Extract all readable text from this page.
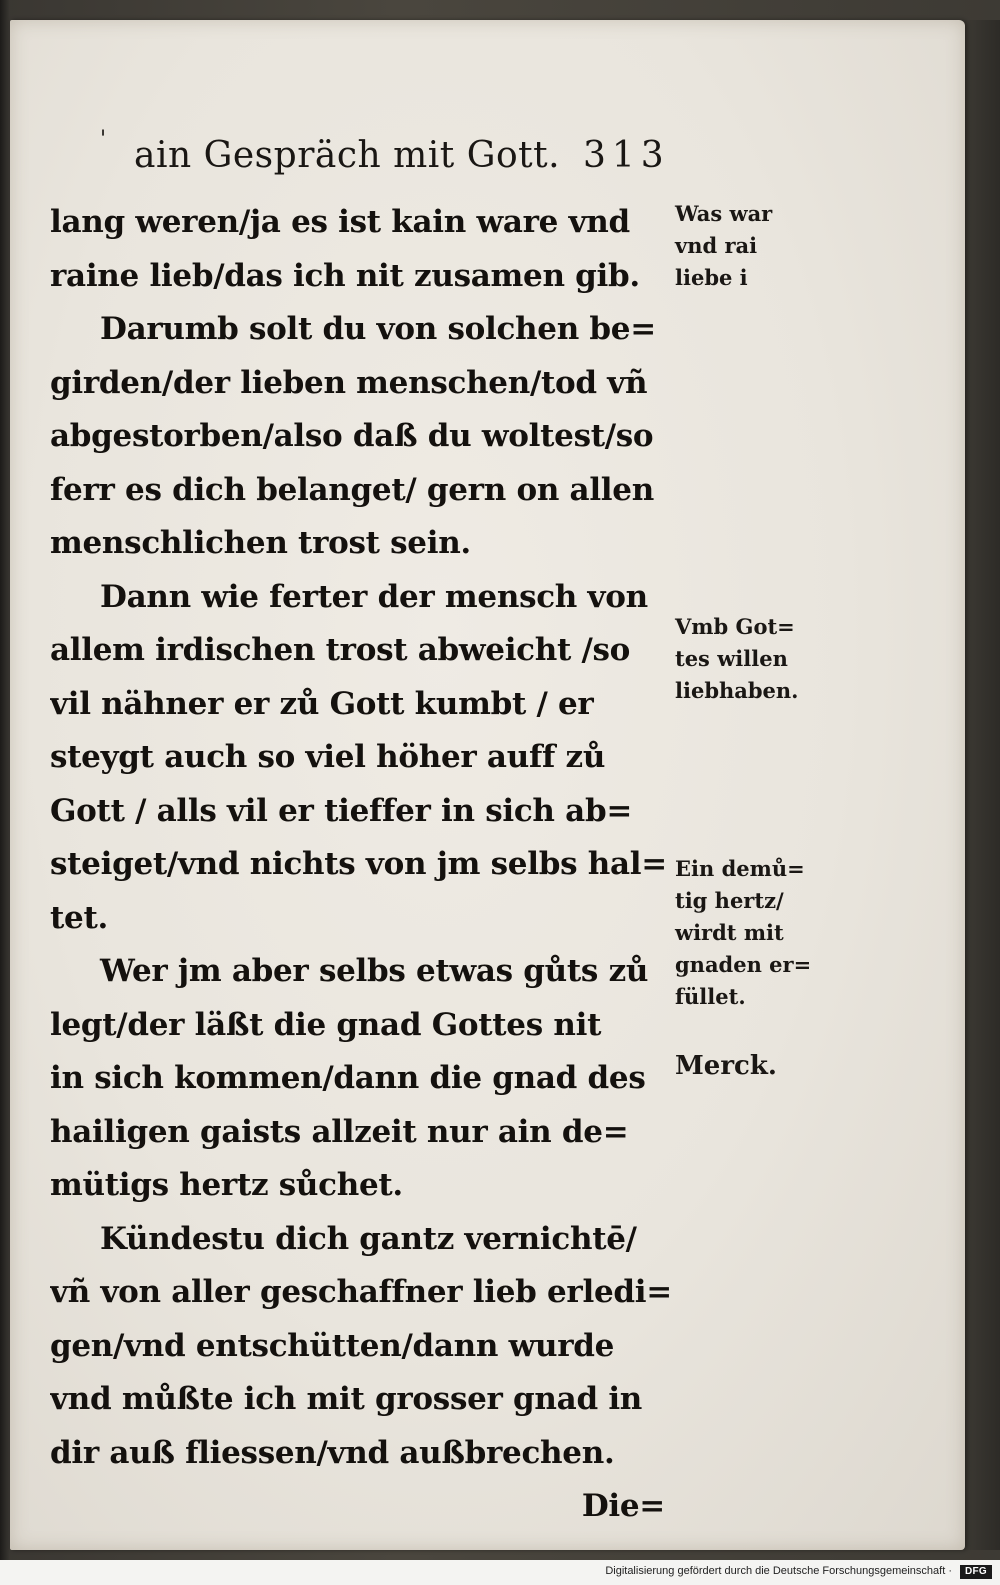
' ain Gespräch mit Gott. 313
lang weren/ja es ist kain ware vnd
raine lieb/das ich nit zusamen gib.
Darumb solt du von solchen be=
girden/der lieben menschen/tod vñ
abgestorben/also daß du woltest/so
ferr es dich belanget/ gern on allen
menschlichen trost sein.
Dann wie ferter der mensch von
allem irdischen trost abweicht /so
vil nähner er zů Gott kumbt / er
steygt auch so viel höher auff zů
Gott / alls vil er tieffer in sich ab=
steiget/vnd nichts von jm selbs hal=
tet.
Wer jm aber selbs etwas gůts zů
legt/der läßt die gnad Gottes nit
in sich kommen/dann die gnad des
hailigen gaists allzeit nur ain de=
mütigs hertz sůchet.
Kündestu dich gantz vernichtē/
vñ von aller geschaffner lieb erledi=
gen/vnd entschütten/dann wurde
vnd můßte ich mit grosser gnad in
dir auß fliessen/vnd außbrechen.
Die=
Was war
vnd rai
liebe i
Vmb Got=
tes willen
liebhaben.
Ein demů=
tig hertz/
wirdt mit
gnaden er=
füllet.
Merck.
Digitalisierung gefördert durch die Deutsche Forschungsgemeinschaft ·	DFG
